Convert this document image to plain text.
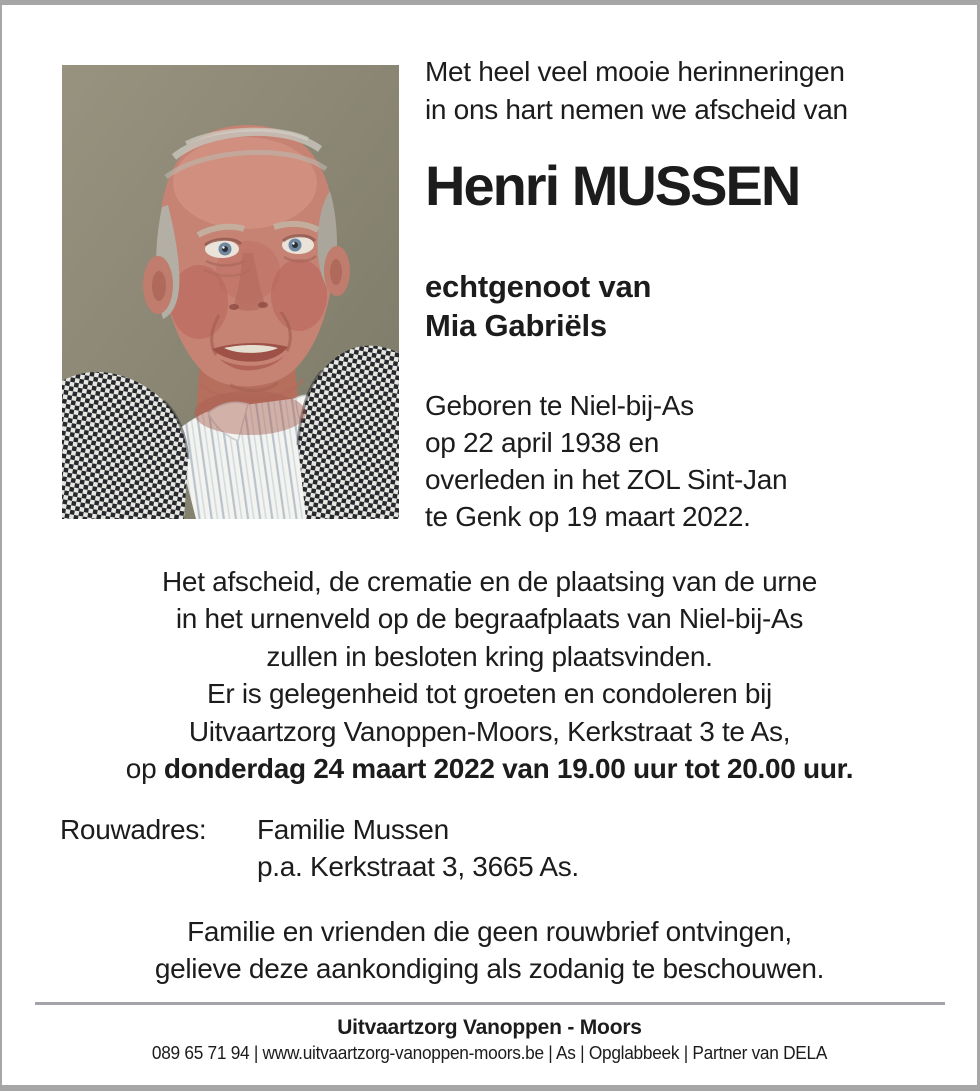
Met heel veel mooie herinneringen
in ons hart nemen we afscheid van
Henri MUSSEN
echtgenoot van
Mia Gabriëls
Geboren te Niel-bij-As
op 22 april 1938 en
overleden in het ZOL Sint-Jan
te Genk op 19 maart 2022.
Het afscheid, de crematie en de plaatsing van de urne
in het urnenveld op de begraafplaats van Niel-bij-As
zullen in besloten kring plaatsvinden.
Er is gelegenheid tot groeten en condoleren bij
Uitvaartzorg Vanoppen-Moors, Kerkstraat 3 te As,
op donderdag 24 maart 2022 van 19.00 uur tot 20.00 uur.
Rouwadres:	Familie Mussen
p.a. Kerkstraat 3, 3665 As.
Familie en vrienden die geen rouwbrief ontvingen,
gelieve deze aankondiging als zodanig te beschouwen.
Uitvaartzorg Vanoppen - Moors
089 65 71 94 | www.uitvaartzorg-vanoppen-moors.be | As | Opglabbeek | Partner van DELA
